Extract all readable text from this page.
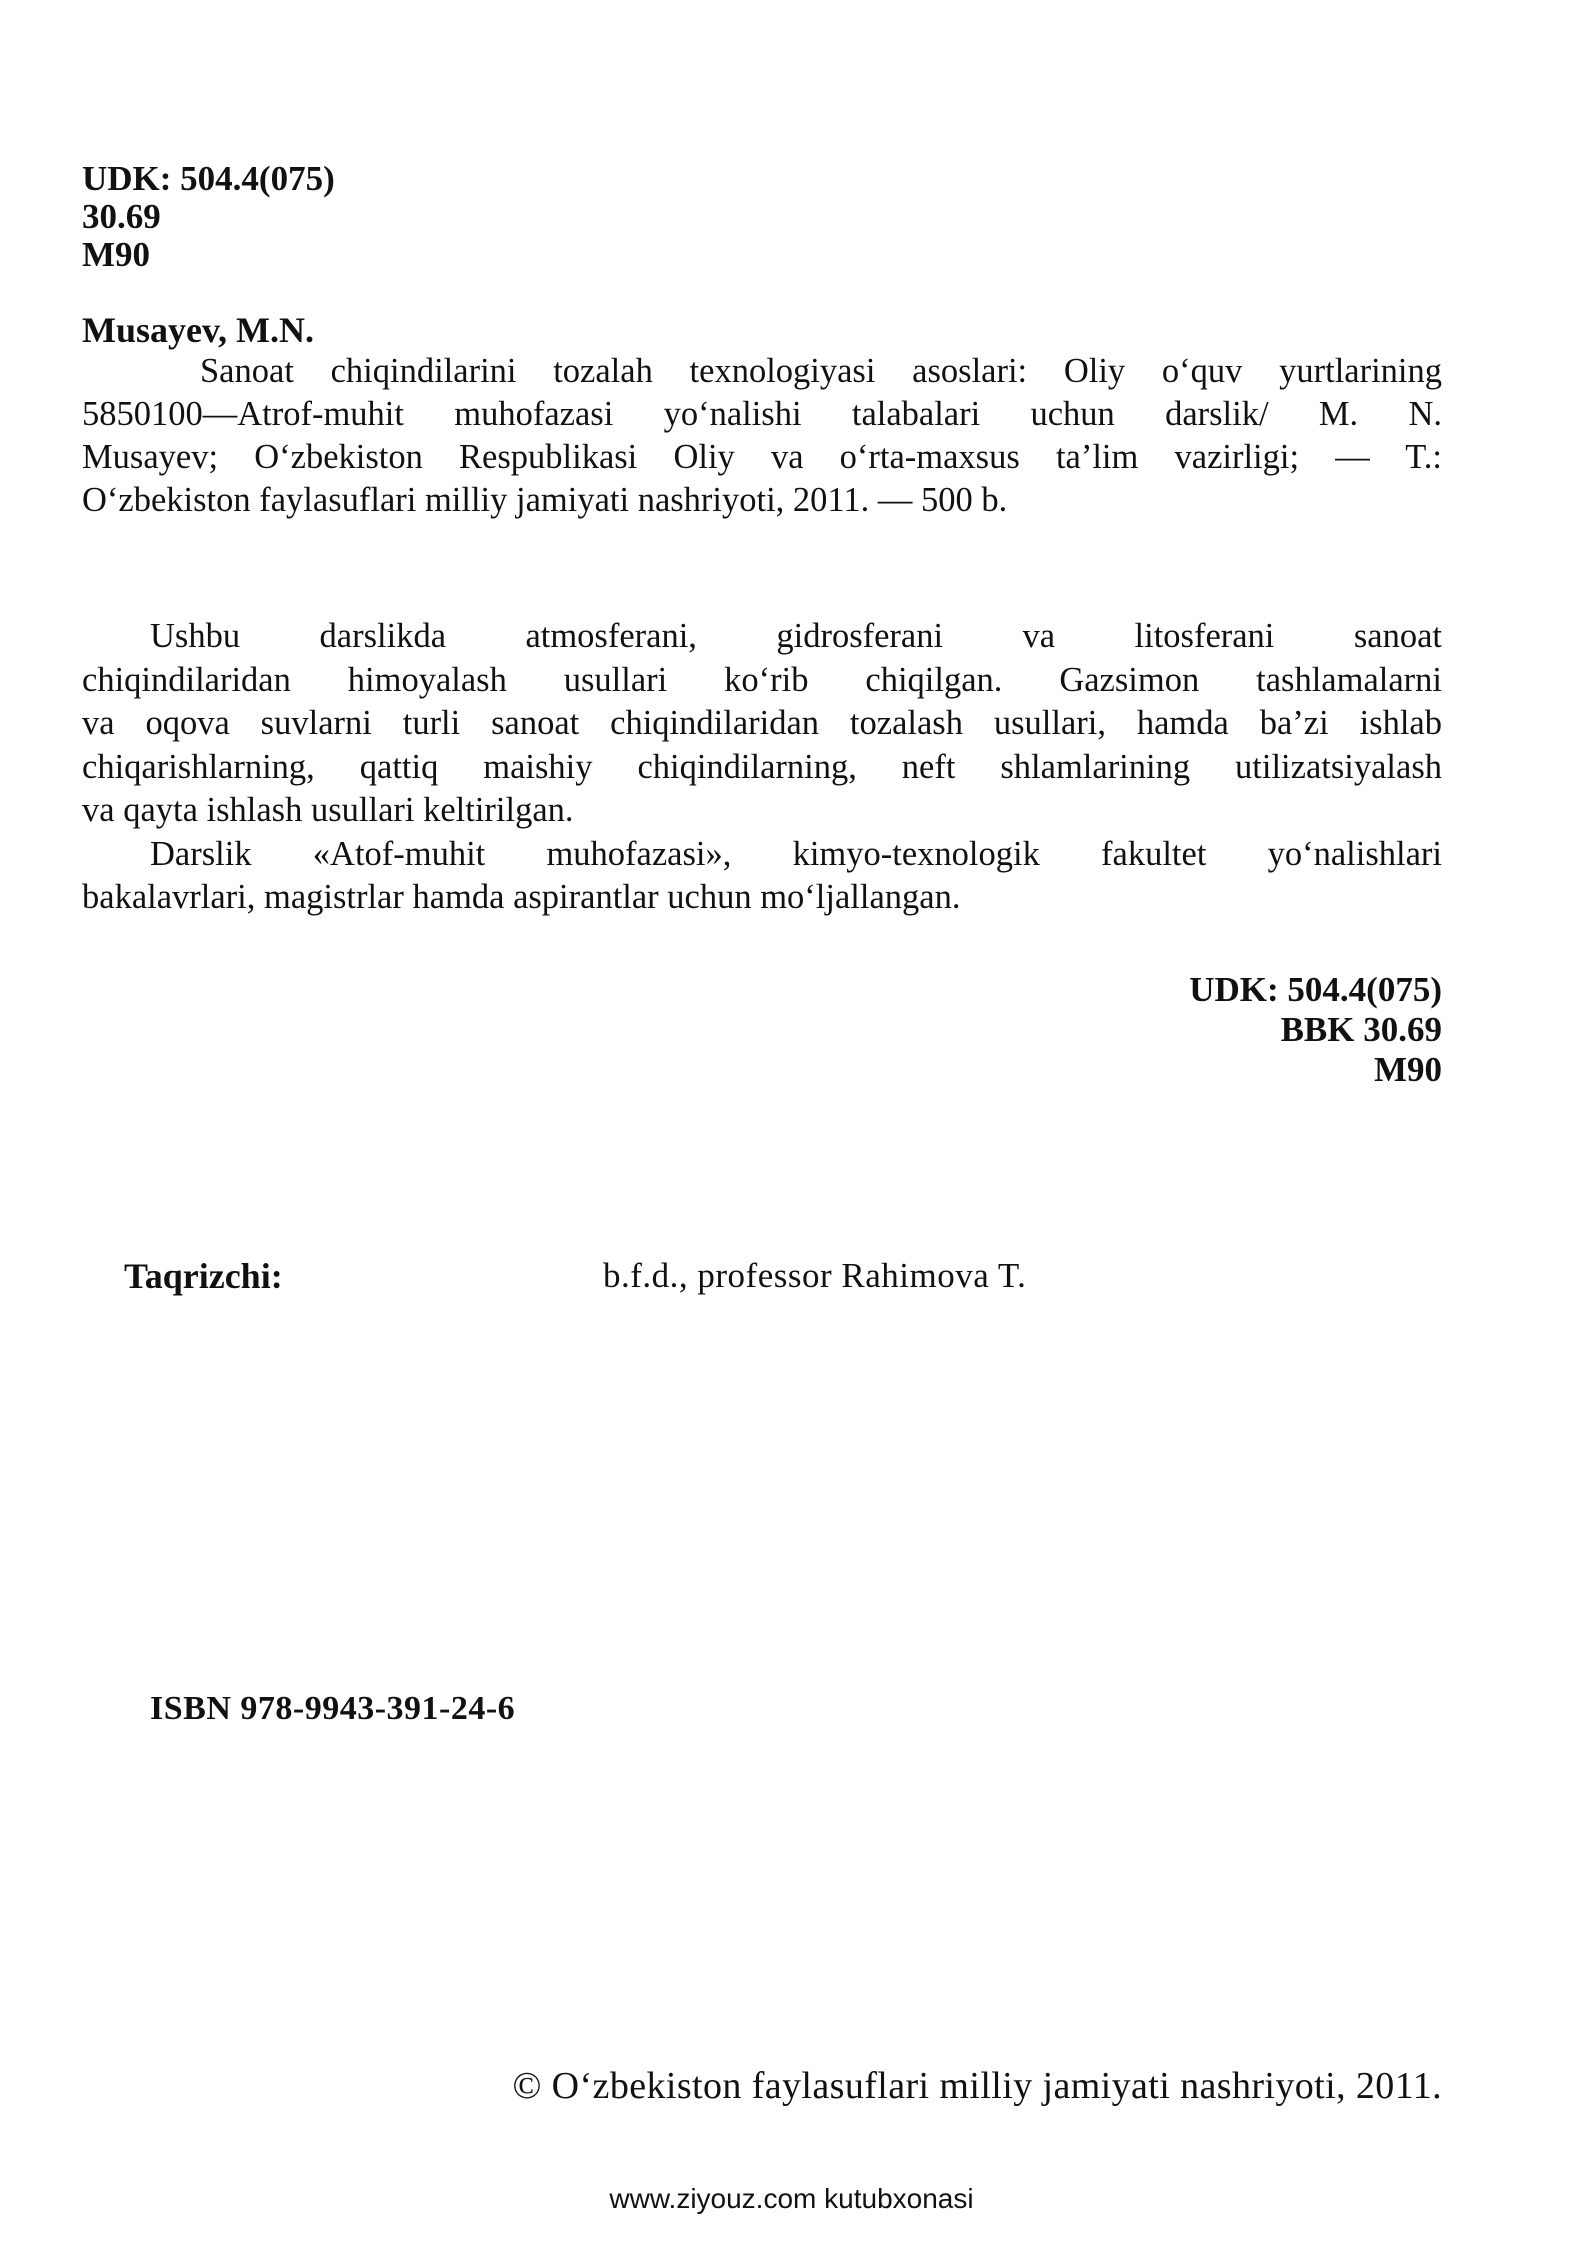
UDK: 504.4(075)
30.69
M90
Musayev, M.N.
Sanoat chiqindilarini tozalah texnologiyasi asoslari: Oliy o‘quv yurtlarining
5850100—Atrof-muhit muhofazasi yo‘nalishi talabalari uchun darslik/ M. N.
Musayev; O‘zbekiston Respublikasi Oliy va o‘rta-maxsus ta’lim vazirligi; — T.:
O‘zbekiston faylasuflari milliy jamiyati nashriyoti, 2011. — 500 b.
Ushbu darslikda atmosferani, gidrosferani va litosferani sanoat
chiqindilaridan himoyalash usullari ko‘rib chiqilgan. Gazsimon tashlamalarni
va oqova suvlarni turli sanoat chiqindilaridan tozalash usullari, hamda ba’zi ishlab
chiqarishlarning, qattiq maishiy chiqindilarning, neft shlamlarining utilizatsiyalash
va qayta ishlash usullari keltirilgan.
Darslik «Atof-muhit muhofazasi», kimyo-texnologik fakultet yo‘nalishlari
bakalavrlari, magistrlar hamda aspirantlar uchun mo‘ljallangan.
UDK: 504.4(075)
BBK 30.69
M90
Taqrizchi:	b.f.d., professor Rahimova T.
ISBN 978-9943-391-24-6
© O‘zbekiston faylasuflari milliy jamiyati nashriyoti, 2011.
www.ziyouz.com kutubxonasi
